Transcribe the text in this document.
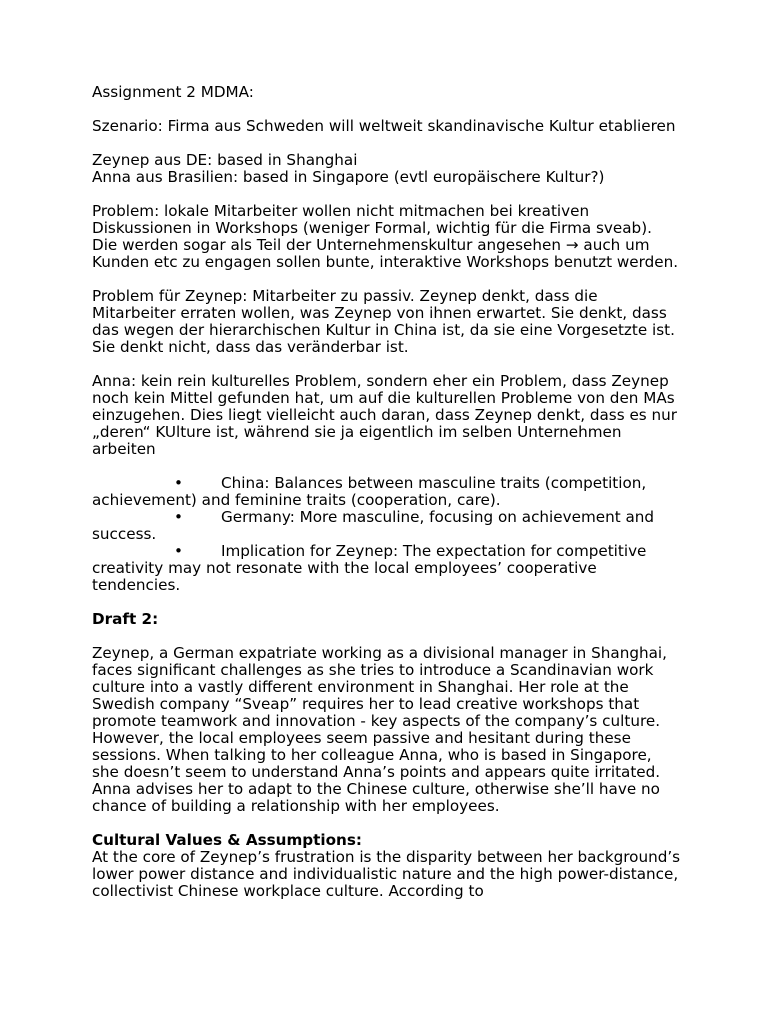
Assignment 2 MDMA:

Szenario: Firma aus Schweden will weltweit skandinavische Kultur etablieren

Zeynep aus DE: based in Shanghai
Anna aus Brasilien: based in Singapore (evtl europäischere Kultur?)

Problem: lokale Mitarbeiter wollen nicht mitmachen bei kreativen Diskussionen in Workshops (weniger Formal, wichtig für die Firma sveab). Die werden sogar als Teil der Unternehmenskultur angesehen → auch um Kunden etc zu engagen sollen bunte, interaktive Workshops benutzt werden.

Problem für Zeynep: Mitarbeiter zu passiv. Zeynep denkt, dass die Mitarbeiter erraten wollen, was Zeynep von ihnen erwartet. Sie denkt, dass das wegen der hierarchischen Kultur in China ist, da sie eine Vorgesetzte ist. Sie denkt nicht, dass das veränderbar ist.

Anna: kein rein kulturelles Problem, sondern eher ein Problem, dass Zeynep noch kein Mittel gefunden hat, um auf die kulturellen Probleme von den MAs einzugehen. Dies liegt vielleicht auch daran, dass Zeynep denkt, dass es nur „deren“ KUlture ist, während sie ja eigentlich im selben Unternehmen arbeiten

•	China: Balances between masculine traits (competition,
achievement) and feminine traits (cooperation, care).
•	Germany: More masculine, focusing on achievement and
success.
•	Implication for Zeynep: The expectation for competitive
creativity may not resonate with the local employees’ cooperative tendencies.

Draft 2:

Zeynep, a German expatriate working as a divisional manager in Shanghai, faces significant challenges as she tries to introduce a Scandinavian work culture into a vastly different environment in Shanghai. Her role at the Swedish company “Sveap” requires her to lead creative workshops that promote teamwork and innovation - key aspects of the company’s culture. However, the local employees seem passive and hesitant during these sessions. When talking to her colleague Anna, who is based in Singapore, she doesn’t seem to understand Anna’s points and appears quite irritated. Anna advises her to adapt to the Chinese culture, otherwise she’ll have no chance of building a relationship with her employees.

Cultural Values & Assumptions:

At the core of Zeynep’s frustration is the disparity between her background’s lower power distance and individualistic nature and the high power-distance, collectivist Chinese workplace culture. According to
